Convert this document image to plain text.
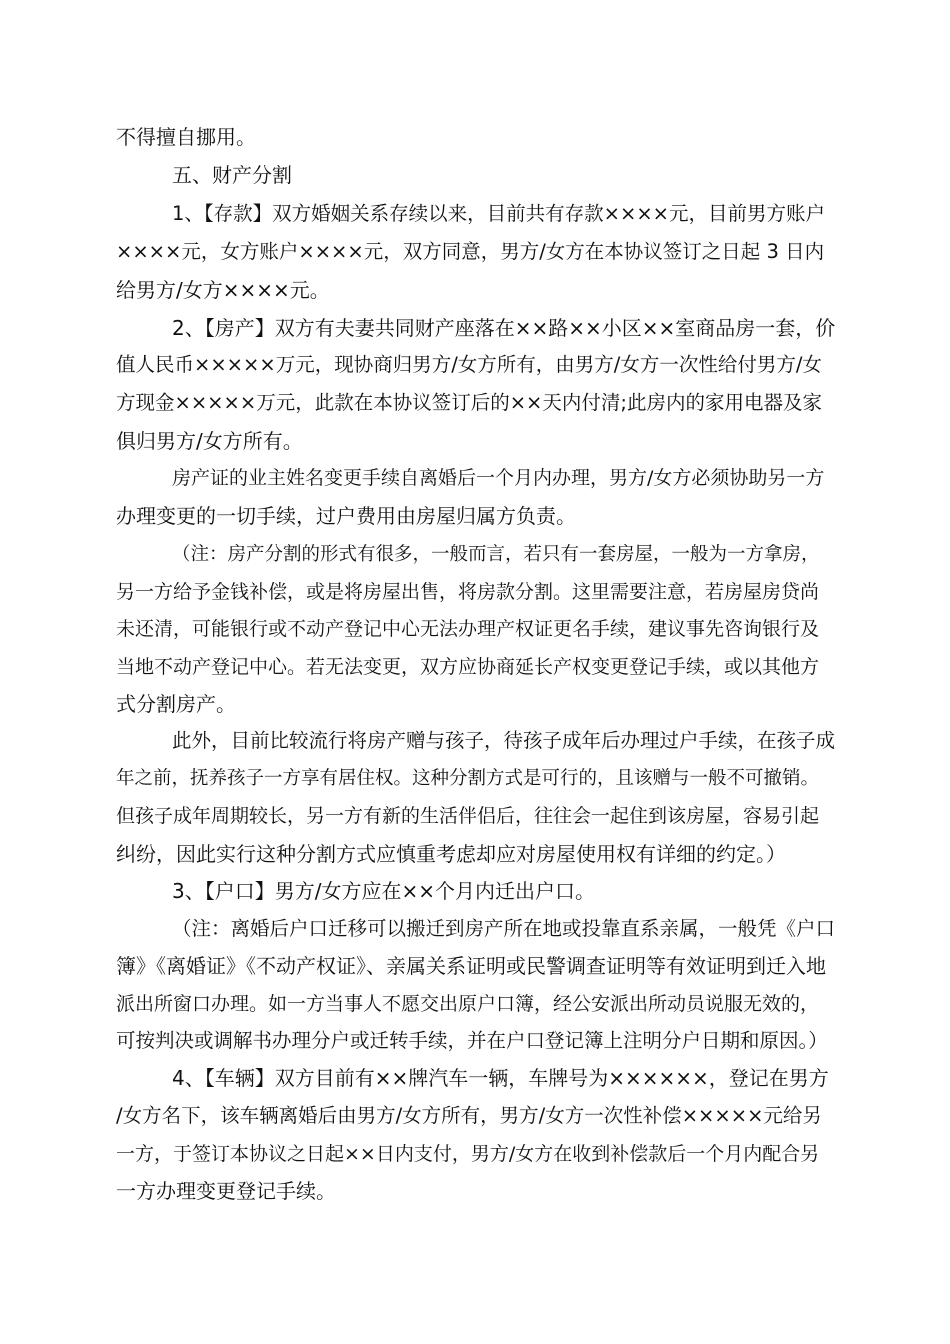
不得擅自挪用。
五、财产分割
1、【存款】双方婚姻关系存续以来，目前共有存款××××元，目前男方账户
××××元，女方账户××××元，双方同意，男方/女方在本协议签订之日起 3 日内
给男方/女方××××元。
2、【房产】双方有夫妻共同财产座落在××路××小区××室商品房一套，价
值人民币×××××万元，现协商归男方/女方所有，由男方/女方一次性给付男方/女
方现金×××××万元，此款在本协议签订后的××天内付清;此房内的家用电器及家
俱归男方/女方所有。
房产证的业主姓名变更手续自离婚后一个月内办理，男方/女方必须协助另一方
办理变更的一切手续，过户费用由房屋归属方负责。
（注：房产分割的形式有很多，一般而言，若只有一套房屋，一般为一方拿房，
另一方给予金钱补偿，或是将房屋出售，将房款分割。这里需要注意，若房屋房贷尚
未还清，可能银行或不动产登记中心无法办理产权证更名手续，建议事先咨询银行及
当地不动产登记中心。若无法变更，双方应协商延长产权变更登记手续，或以其他方
式分割房产。
此外，目前比较流行将房产赠与孩子，待孩子成年后办理过户手续，在孩子成
年之前，抚养孩子一方享有居住权。这种分割方式是可行的，且该赠与一般不可撤销。
但孩子成年周期较长，另一方有新的生活伴侣后，往往会一起住到该房屋，容易引起
纠纷，因此实行这种分割方式应慎重考虑却应对房屋使用权有详细的约定。）
3、【户口】男方/女方应在××个月内迁出户口。
（注：离婚后户口迁移可以搬迁到房产所在地或投靠直系亲属，一般凭《户口
簿》《离婚证》《不动产权证》、亲属关系证明或民警调查证明等有效证明到迁入地
派出所窗口办理。如一方当事人不愿交出原户口簿，经公安派出所动员说服无效的，
可按判决或调解书办理分户或迁转手续，并在户口登记簿上注明分户日期和原因。）
4、【车辆】双方目前有××牌汽车一辆，车牌号为××××××，登记在男方
/女方名下，该车辆离婚后由男方/女方所有，男方/女方一次性补偿×××××元给另
一方，于签订本协议之日起××日内支付，男方/女方在收到补偿款后一个月内配合另
一方办理变更登记手续。
